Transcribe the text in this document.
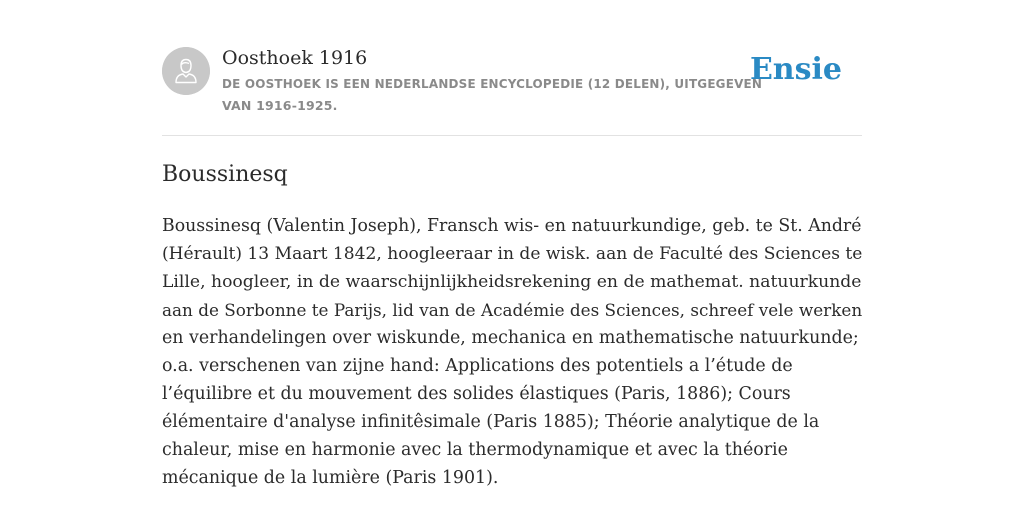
Oosthoek 1916

DE OOSTHOEK IS EEN NEDERLANDSE ENCYCLOPEDIE (12 DELEN), UITGEGEVEN
VAN 1916-1925.

Ensie
Boussinesq

Boussinesq (Valentin Joseph), Fransch wis- en natuurkundige, geb. te St. André
(Hérault) 13 Maart 1842, hoogleeraar in de wisk. aan de Faculté des Sciences te
Lille, hoogleer, in de waarschijnlijkheidsrekening en de mathemat. natuurkunde
aan de Sorbonne te Parijs, lid van de Académie des Sciences, schreef vele werken
en verhandelingen over wiskunde, mechanica en mathematische natuurkunde;
o.a. verschenen van zijne hand: Applications des potentiels a l’étude de
l’équilibre et du mouvement des solides élastiques (Paris, 1886); Cours
élémentaire d'analyse infinitêsimale (Paris 1885); Théorie analytique de la
chaleur, mise en harmonie avec la thermodynamique et avec la théorie
mécanique de la lumière (Paris 1901).
